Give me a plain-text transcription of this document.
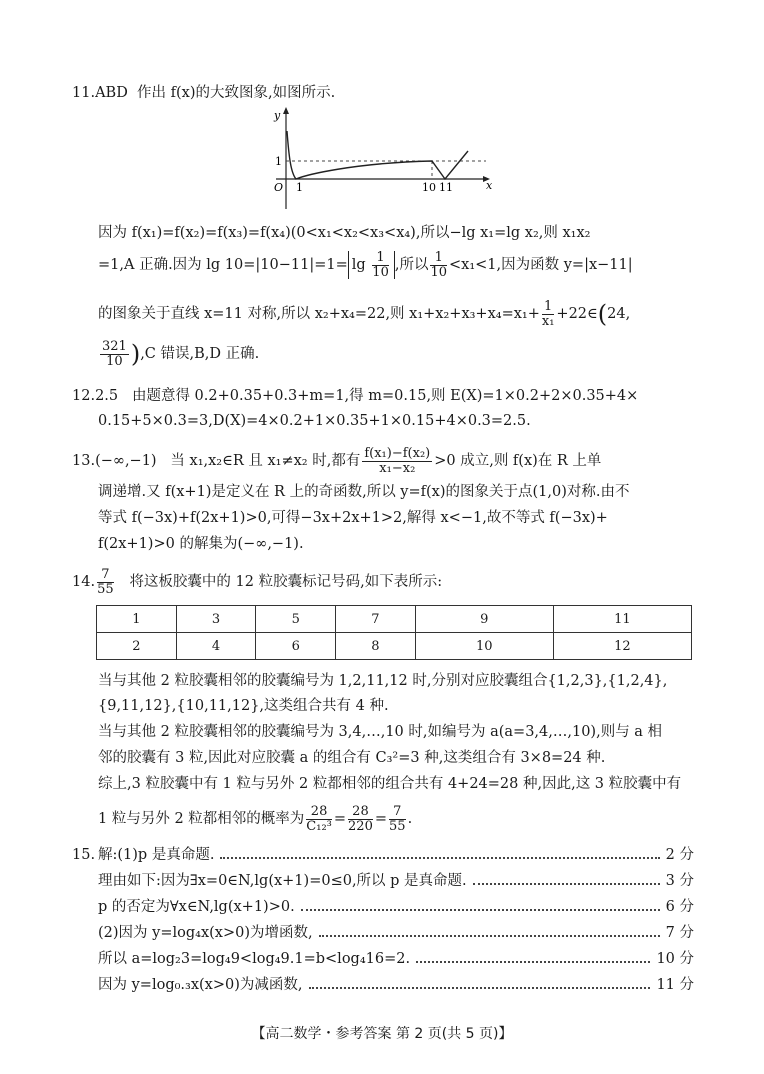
11.ABD 作出 f(x)的大致图象,如图所示.
y
x
O
1
1	10 11
因为 f(x₁)=f(x₂)=f(x₃)=f(x₄)(0<x₁<x₂<x₃<x₄),所以−lg x₁=lg x₂,则 x₁x₂
=1,A 正确.因为 $\lg 10=|10-11|=1= \lg \frac{1}{10}$ ,所以 $\frac{1}{10} <x_1<1$,因为函数 y=|x−11|
的图象关于直线 x=11 对称,所以 x₂+x₄=22,则 $x_1+x_2+x_3+x_4=x_1+ \frac{1}{\text{x₁}}$ +22∈(24,
$\frac{321}{10} ),C$ 错误,B,D 正确.
12.2.5 由题意得 0.2+0.35+0.3+m=1,得 m=0.15,则 E(X)=1×0.2+2×0.35+4×
0.15+5×0.3=3,D(X)=4×0.2+1×0.35+1×0.15+4×0.3=2.5.
13.(−∞,−1) 当 x₁,x₂∈R 且 x₁≠x₂ 时,都有 $\frac{\text{f(x₁)−f(x₂)}}{\text{x₁−x₂}} >0$ 成立,则 f(x)在 R 上单
调递增.又 f(x+1)是定义在 R 上的奇函数,所以 y=f(x)的图象关于点(1,0)对称.由不
等式 f(−3x)+f(2x+1)>0,可得−3x+2x+1>2,解得 x<−1,故不等式 f(−3x)+
f(2x+1)>0 的解集为(−∞,−1).
14. $\frac{7}{55}$ 将这板胶囊中的 12 粒胶囊标记号码,如下表所示:
1	3	5	7	9	11
2	4	6	8	10	12
当与其他 2 粒胶囊相邻的胶囊编号为 1,2,11,12 时,分别对应胶囊组合{1,2,3},{1,2,4},
{9,11,12},{10,11,12},这类组合共有 4 种.
当与其他 2 粒胶囊相邻的胶囊编号为 3,4,…,10 时,如编号为 a(a=3,4,…,10),则与 a 相
邻的胶囊有 3 粒,因此对应胶囊 a 的组合有 C₃²=3 种,这类组合有 3×8=24 种.
综上,3 粒胶囊中有 1 粒与另外 2 粒都相邻的组合共有 4+24=28 种,因此,这 3 粒胶囊中有
1 粒与另外 2 粒都相邻的概率为 $\frac{28}{\text{C₁₂³}} = \frac{28}{220} = \frac{7}{55}$ .
15. 解:(1)p 是真命题.	2 分
理由如下:因为∃x=0∈N,lg(x+1)=0≤0,所以 p 是真命题.	3 分
p 的否定为∀x∈N,lg(x+1)>0.	6 分
(2)因为 y=log₄x(x>0)为增函数,	7 分
所以 a=log₂3=log₄9<log₄9.1=b<log₄16=2.	10 分
因为 y=log₀.₃x(x>0)为减函数,	11 分
【高二数学・参考答案 第 2 页(共 5 页)】
